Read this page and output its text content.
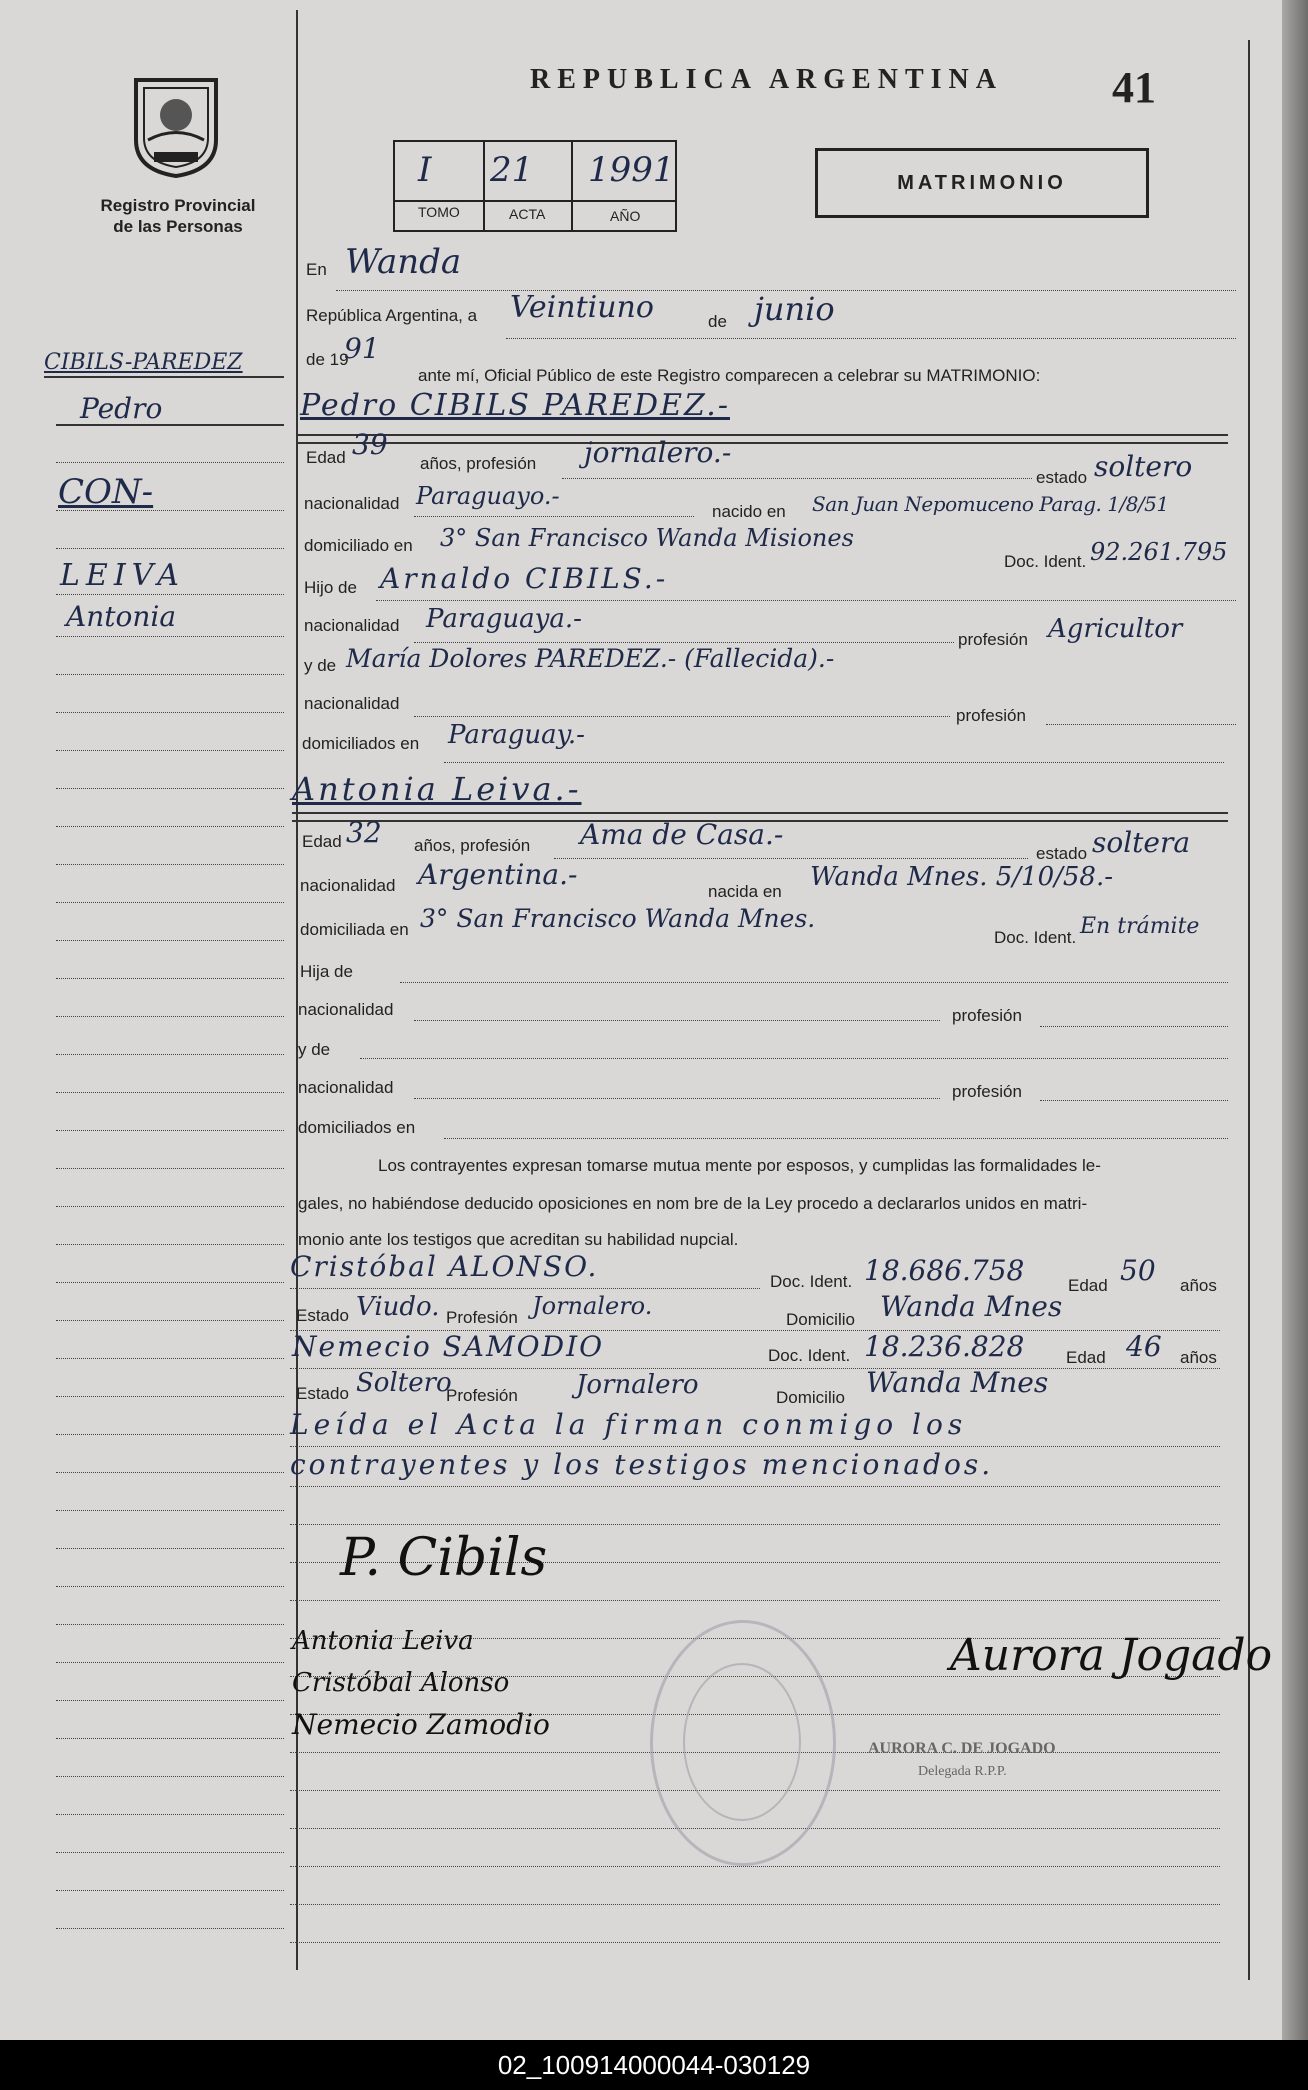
Registro Provincial
de las Personas
REPUBLICA ARGENTINA 41
I 21 1991
TOMO	ACTA	AÑO
MATRIMONIO
CIBILS-PAREDEZ
Pedro
CON-
LEIVA
Antonia
En Wanda
República Argentina, a Veintiuno	de junio
de 19
91
ante mí, Oficial Público de este Registro comparecen a celebrar su MATRIMONIO:
Pedro CIBILS PAREDEZ.-
Edad 39
años, profesión jornalero.-
estado soltero
nacionalidad Paraguayo.-
nacido en San Juan Nepomuceno Parag. 1/8/51
domiciliado en 3° San Francisco Wanda Misiones
Doc. Ident. 92.261.795
Hijo de Arnaldo CIBILS.-
nacionalidad Paraguaya.-
profesión Agricultor
y de María Dolores PAREDEZ.- (Fallecida).-
nacionalidad
profesión
domiciliados en Paraguay.-
Antonia Leiva.-
Edad 32 años, profesión Ama de Casa.-
estado soltera
nacionalidad Argentina.-
nacida en Wanda Mnes. 5/10/58.-
domiciliada en 3° San Francisco Wanda Mnes.
Doc. Ident. En trámite
Hija de
nacionalidad	profesión
y de
nacionalidad	profesión
domiciliados en
Los contrayentes expresan tomarse mutua mente por esposos, y cumplidas las formalidades le-
gales, no habiéndose deducido oposiciones en nom bre de la Ley procedo a declararlos unidos en matri-
monio ante los testigos que acreditan su habilidad nupcial.
Cristóbal ALONSO.	Doc. Ident. 18.686.758	Edad 50 años
Estado Viudo. Profesión Jornalero.	Domicilio Wanda Mnes
Nemecio SAMODIO	Doc. Ident. 18.236.828 Edad 46 años
Estado Soltero
Profesión Jornalero	Domicilio Wanda Mnes
Leída el Acta la firman conmigo los
contrayentes y los testigos mencionados.
P. Cibils
Antonia Leiva
Cristóbal Alonso
Nemecio Zamodio
Aurora Jogado
AURORA C. DE JOGADO
Delegada R.P.P.
02_100914000044-030129
